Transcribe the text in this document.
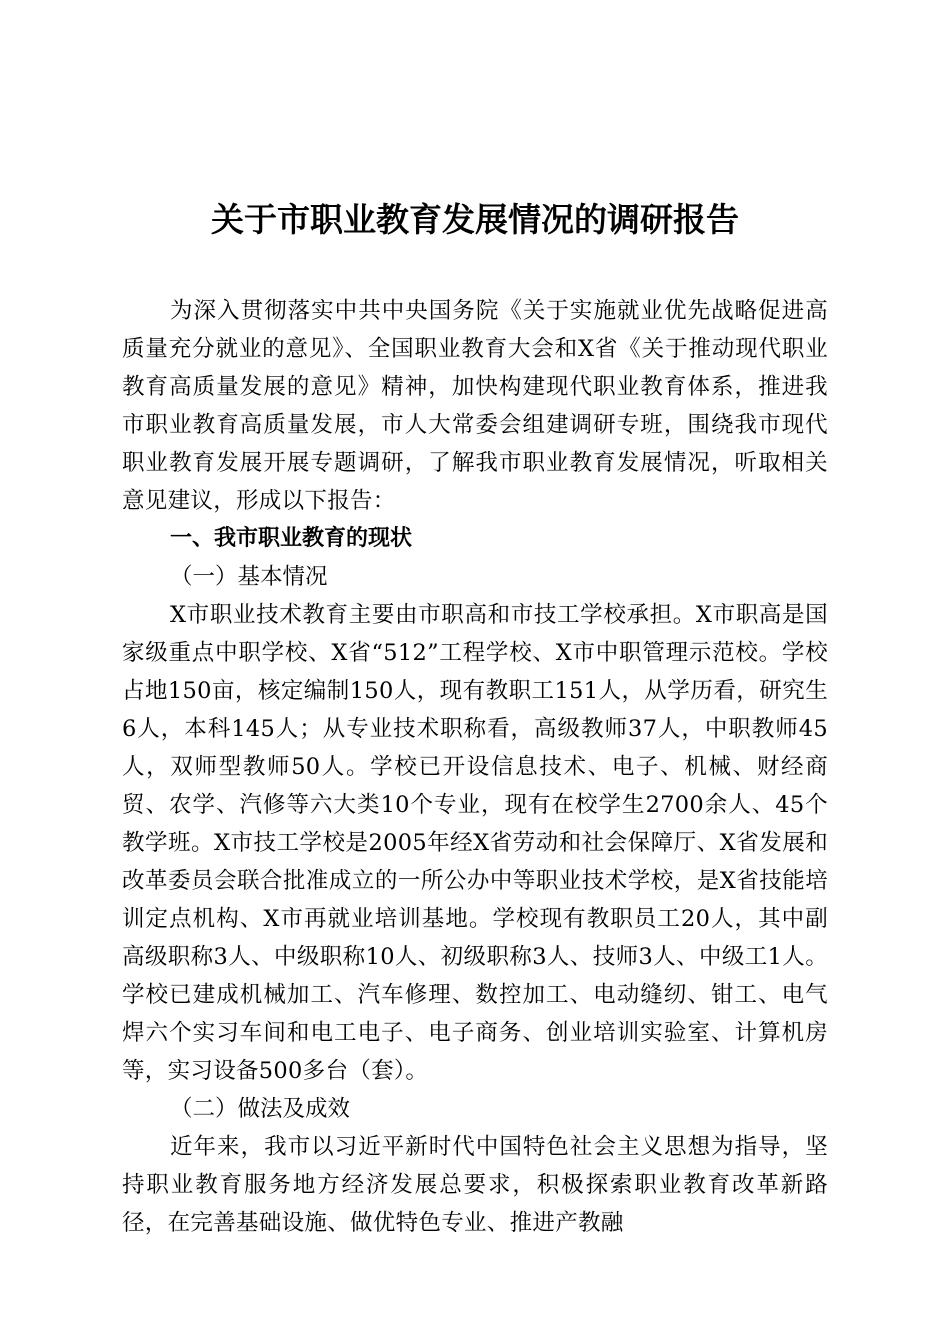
关于市职业教育发展情况的调研报告

为深入贯彻落实中共中央国务院《关于实施就业优先战略促进高质量充分就业的意见》、全国职业教育大会和X省《关于推动现代职业教育高质量发展的意见》精神，加快构建现代职业教育体系，推进我市职业教育高质量发展，市人大常委会组建调研专班，围绕我市现代职业教育发展开展专题调研，了解我市职业教育发展情况，听取相关意见建议，形成以下报告：

一、我市职业教育的现状

（一）基本情况

X市职业技术教育主要由市职高和市技工学校承担。X市职高是国家级重点中职学校、X省“512”工程学校、X市中职管理示范校。学校占地150亩，核定编制150人，现有教职工151人，从学历看，研究生6人，本科145人；从专业技术职称看，高级教师37人，中职教师45人，双师型教师50人。学校已开设信息技术、电子、机械、财经商贸、农学、汽修等六大类10个专业，现有在校学生2700余人、45个教学班。X市技工学校是2005年经X省劳动和社会保障厅、X省发展和改革委员会联合批准成立的一所公办中等职业技术学校，是X省技能培训定点机构、X市再就业培训基地。学校现有教职员工20人，其中副高级职称3人、中级职称10人、初级职称3人、技师3人、中级工1人。学校已建成机械加工、汽车修理、数控加工、电动缝纫、钳工、电气焊六个实习车间和电工电子、电子商务、创业培训实验室、计算机房等，实习设备500多台（套）。

（二）做法及成效

近年来，我市以习近平新时代中国特色社会主义思想为指导，坚持职业教育服务地方经济发展总要求，积极探索职业教育改革新路径，在完善基础设施、做优特色专业、推进产教融
